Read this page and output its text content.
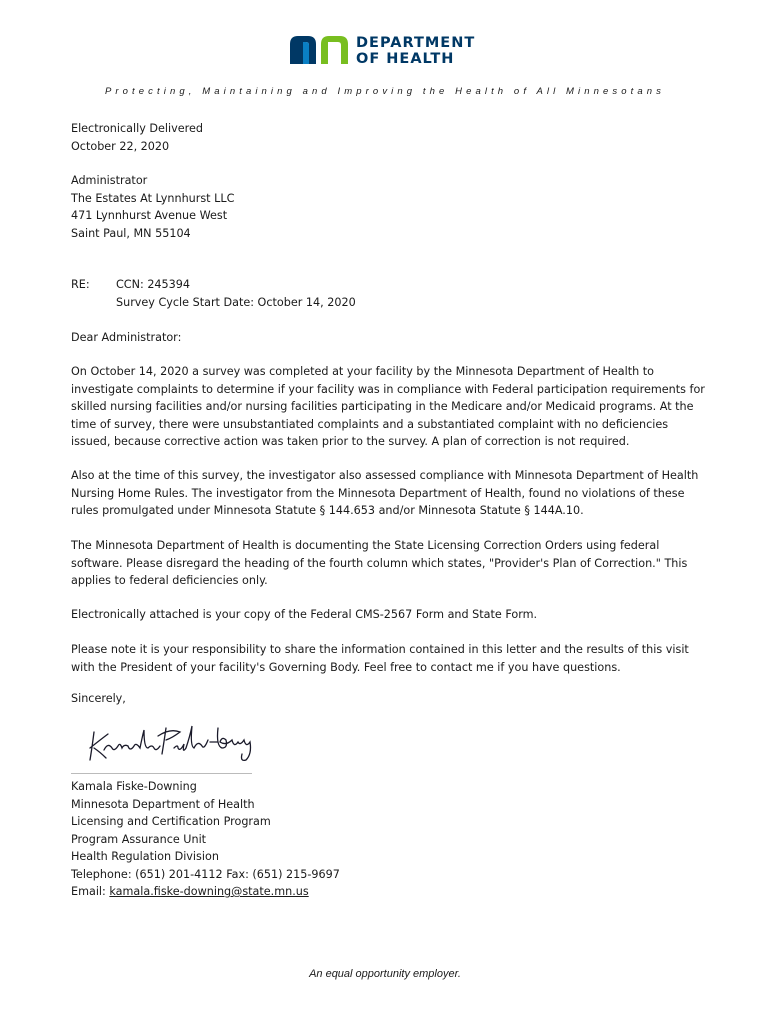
DEPARTMENT
OF HEALTH
Protecting, Maintaining and Improving the Health of All Minnesotans
Electronically Delivered
October 22, 2020
Administrator
The Estates At Lynnhurst LLC
471 Lynnhurst Avenue West
Saint Paul, MN 55104
RE: CCN: 245394
Survey Cycle Start Date: October 14, 2020
Dear Administrator:

On October 14, 2020 a survey was completed at your facility by the Minnesota Department of Health to investigate complaints to determine if your facility was in compliance with Federal participation requirements for skilled nursing facilities and/or nursing facilities participating in the Medicare and/or Medicaid programs. At the time of survey, there were unsubstantiated complaints and a substantiated complaint with no deficiencies issued, because corrective action was taken prior to the survey. A plan of correction is not required.

Also at the time of this survey, the investigator also assessed compliance with Minnesota Department of Health Nursing Home Rules. The investigator from the Minnesota Department of Health, found no violations of these rules promulgated under Minnesota Statute § 144.653 and/or Minnesota Statute § 144A.10.

The Minnesota Department of Health is documenting the State Licensing Correction Orders using federal software. Please disregard the heading of the fourth column which states, "Provider's Plan of Correction." This applies to federal deficiencies only.

Electronically attached is your copy of the Federal CMS-2567 Form and State Form.

Please note it is your responsibility to share the information contained in this letter and the results of this visit with the President of your facility's Governing Body. Feel free to contact me if you have questions.

Sincerely,
Kamala Fiske-Downing
Minnesota Department of Health
Licensing and Certification Program
Program Assurance Unit
Health Regulation Division
Telephone: (651) 201-4112 Fax: (651) 215-9697
Email: kamala.fiske-downing@state.mn.us
An equal opportunity employer.
